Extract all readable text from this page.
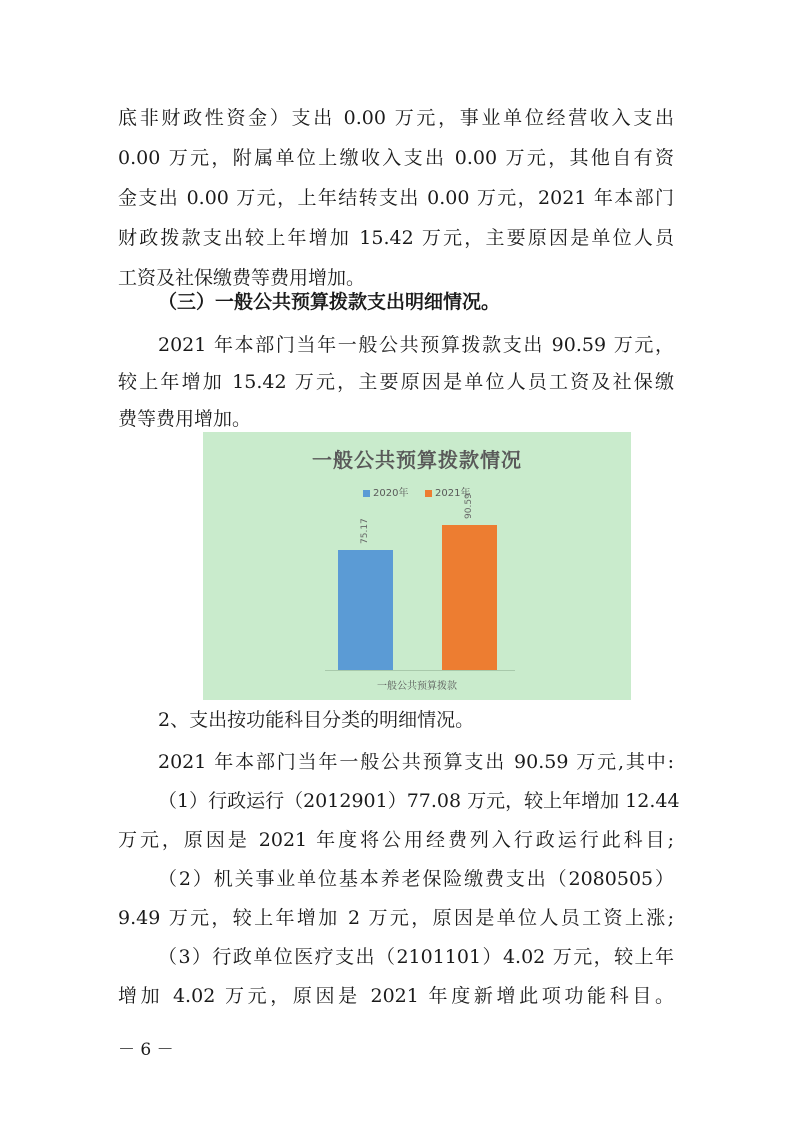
底非财政性资金）支出 0.00 万元，事业单位经营收入支出
0.00 万元，附属单位上缴收入支出 0.00 万元，其他自有资
金支出 0.00 万元，上年结转支出 0.00 万元，2021 年本部门
财政拨款支出较上年增加 15.42 万元，主要原因是单位人员
工资及社保缴费等费用增加。
（三）一般公共预算拨款支出明细情况。
2021 年本部门当年一般公共预算拨款支出 90.59 万元，
较上年增加 15.42 万元，主要原因是单位人员工资及社保缴
费等费用增加。
一般公共预算拨款情况
2020年	2021年
75.17
90.59
一般公共预算拨款
2、支出按功能科目分类的明细情况。
2021 年本部门当年一般公共预算支出 90.59 万元,其中:
（1）行政运行（2012901）77.08 万元，较上年增加 12.44
万元，原因是 2021 年度将公用经费列入行政运行此科目;
（2）机关事业单位基本养老保险缴费支出（2080505）
9.49 万元，较上年增加 2 万元，原因是单位人员工资上涨;
（3）行政单位医疗支出（2101101）4.02 万元，较上年
增加 4.02 万元，原因是 2021 年度新增此项功能科目。
－ 6 －
